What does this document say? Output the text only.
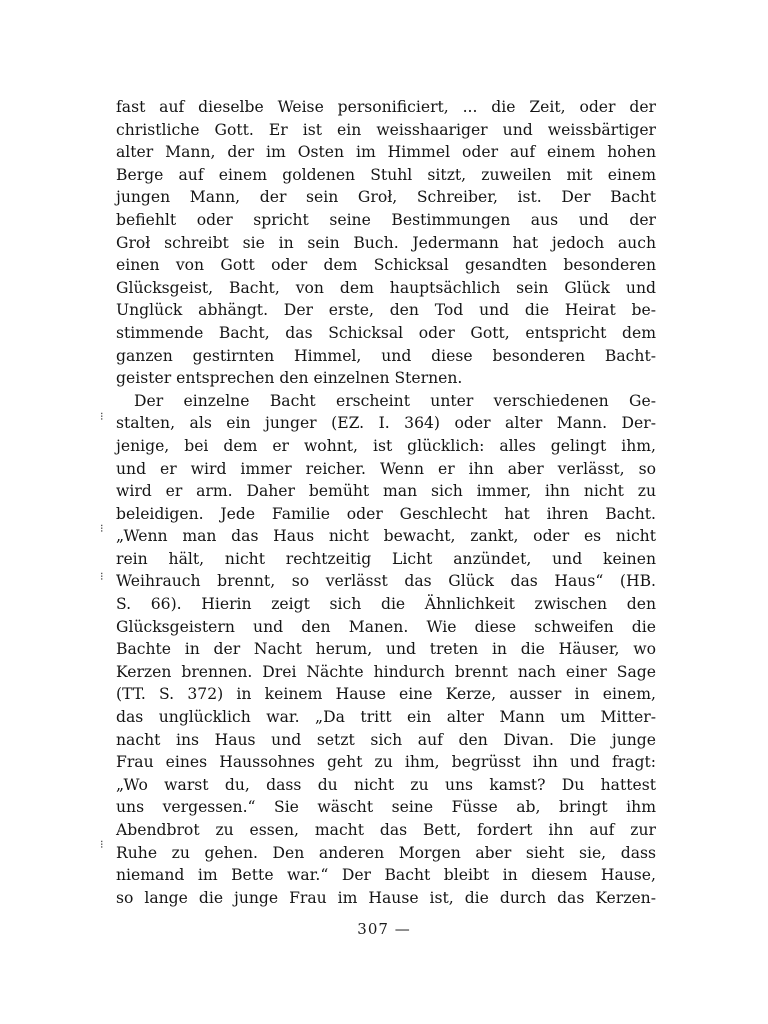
fast auf dieselbe Weise personificiert, ... die Zeit, oder der
christliche Gott. Er ist ein weisshaariger und weissbärtiger
alter Mann, der im Osten im Himmel oder auf einem hohen
Berge auf einem goldenen Stuhl sitzt, zuweilen mit einem
jungen Mann, der sein Groł, Schreiber, ist. Der Bacht
befiehlt oder spricht seine Bestimmungen aus und der
Groł schreibt sie in sein Buch. Jedermann hat jedoch auch
einen von Gott oder dem Schicksal gesandten besonderen
Glücksgeist, Bacht, von dem hauptsächlich sein Glück und
Unglück abhängt. Der erste, den Tod und die Heirat be-
stimmende Bacht, das Schicksal oder Gott, entspricht dem
ganzen gestirnten Himmel, und diese besonderen Bacht-
geister entsprechen den einzelnen Sternen.
Der einzelne Bacht erscheint unter verschiedenen Ge-
stalten, als ein junger (EZ. I. 364) oder alter Mann. Der-
jenige, bei dem er wohnt, ist glücklich: alles gelingt ihm,
und er wird immer reicher. Wenn er ihn aber verlässt, so
wird er arm. Daher bemüht man sich immer, ihn nicht zu
beleidigen. Jede Familie oder Geschlecht hat ihren Bacht.
„Wenn man das Haus nicht bewacht, zankt, oder es nicht
rein hält, nicht rechtzeitig Licht anzündet, und keinen
Weihrauch brennt, so verlässt das Glück das Haus“ (HB.
S. 66). Hierin zeigt sich die Ähnlichkeit zwischen den
Glücksgeistern und den Manen. Wie diese schweifen die
Bachte in der Nacht herum, und treten in die Häuser, wo
Kerzen brennen. Drei Nächte hindurch brennt nach einer Sage
(TT. S. 372) in keinem Hause eine Kerze, ausser in einem,
das unglücklich war. „Da tritt ein alter Mann um Mitter-
nacht ins Haus und setzt sich auf den Divan. Die junge
Frau eines Haussohnes geht zu ihm, begrüsst ihn und fragt:
„Wo warst du, dass du nicht zu uns kamst? Du hattest
uns vergessen.“ Sie wäscht seine Füsse ab, bringt ihm
Abendbrot zu essen, macht das Bett, fordert ihn auf zur
Ruhe zu gehen. Den anderen Morgen aber sieht sie, dass
niemand im Bette war.“ Der Bacht bleibt in diesem Hause,
so lange die junge Frau im Hause ist, die durch das Kerzen-
⁝
⁝
⁝
⁝
307 —
